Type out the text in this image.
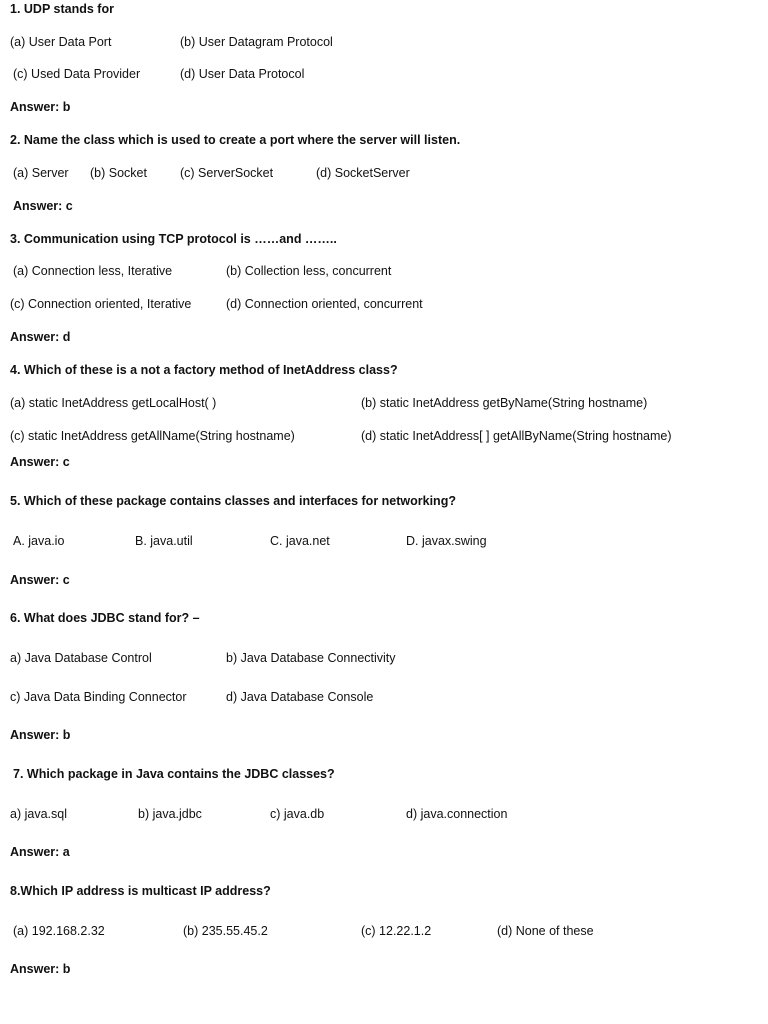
1. UDP stands for
(a) User Data Port	(b) User Datagram Protocol
(c) Used Data Provider	(d) User Data Protocol
Answer: b
2. Name the class which is used to create a port where the server will listen.
(a) Server (b) Socket	(c) ServerSocket	(d) SocketServer
Answer: c
3. Communication using TCP protocol is ……and ……..
(a) Connection less, Iterative	(b) Collection less, concurrent
(c) Connection oriented, Iterative	(d) Connection oriented, concurrent
Answer: d
4. Which of these is a not a factory method of InetAddress class?
(a) static InetAddress getLocalHost( )	(b) static InetAddress getByName(String hostname)
(c) static InetAddress getAllName(String hostname)	(d) static InetAddress[ ] getAllByName(String hostname)
Answer: c
5. Which of these package contains classes and interfaces for networking?
A. java.io	B. java.util	C. java.net	D. javax.swing
Answer: c
6. What does JDBC stand for? –
a) Java Database Control	b) Java Database Connectivity
c) Java Data Binding Connector	d) Java Database Console
Answer: b
7. Which package in Java contains the JDBC classes?
a) java.sql	b) java.jdbc	c) java.db	d) java.connection
Answer: a
8.Which IP address is multicast IP address?
(a) 192.168.2.32	(b) 235.55.45.2	(c) 12.22.1.2	(d) None of these
Answer: b
